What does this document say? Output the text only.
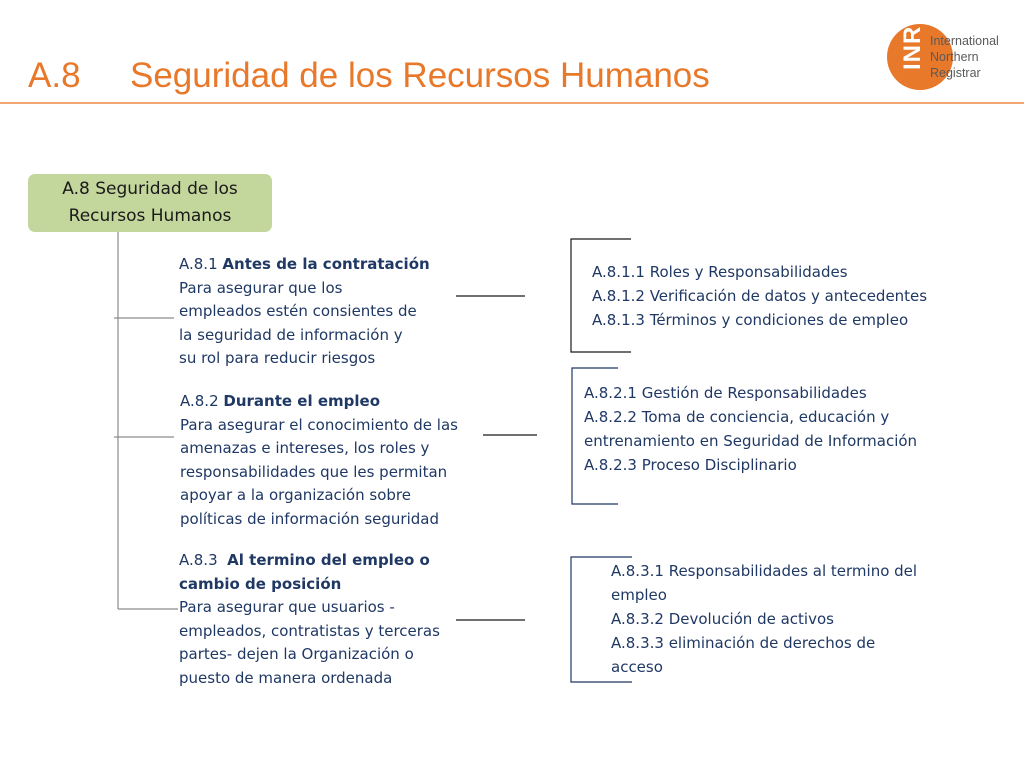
A.8 Seguridad de los Recursos Humanos
INR International
Northern
Registrar
A.8 Seguridad de los
Recursos Humanos
A.8.1 Antes de la contratación
Para asegurar que los
empleados estén consientes de
la seguridad de información y
su rol para reducir riesgos
A.8.2 Durante el empleo
Para asegurar el conocimiento de las
amenazas e intereses, los roles y
responsabilidades que les permitan
apoyar a la organización sobre
políticas de información seguridad
A.8.3 Al termino del empleo o
cambio de posición
Para asegurar que usuarios -
empleados, contratistas y terceras
partes- dejen la Organización o
puesto de manera ordenada
A.8.1.1 Roles y Responsabilidades
A.8.1.2 Verificación de datos y antecedentes
A.8.1.3 Términos y condiciones de empleo
A.8.2.1 Gestión de Responsabilidades
A.8.2.2 Toma de conciencia, educación y
entrenamiento en Seguridad de Información
A.8.2.3 Proceso Disciplinario
A.8.3.1 Responsabilidades al termino del
empleo
A.8.3.2 Devolución de activos
A.8.3.3 eliminación de derechos de
acceso
